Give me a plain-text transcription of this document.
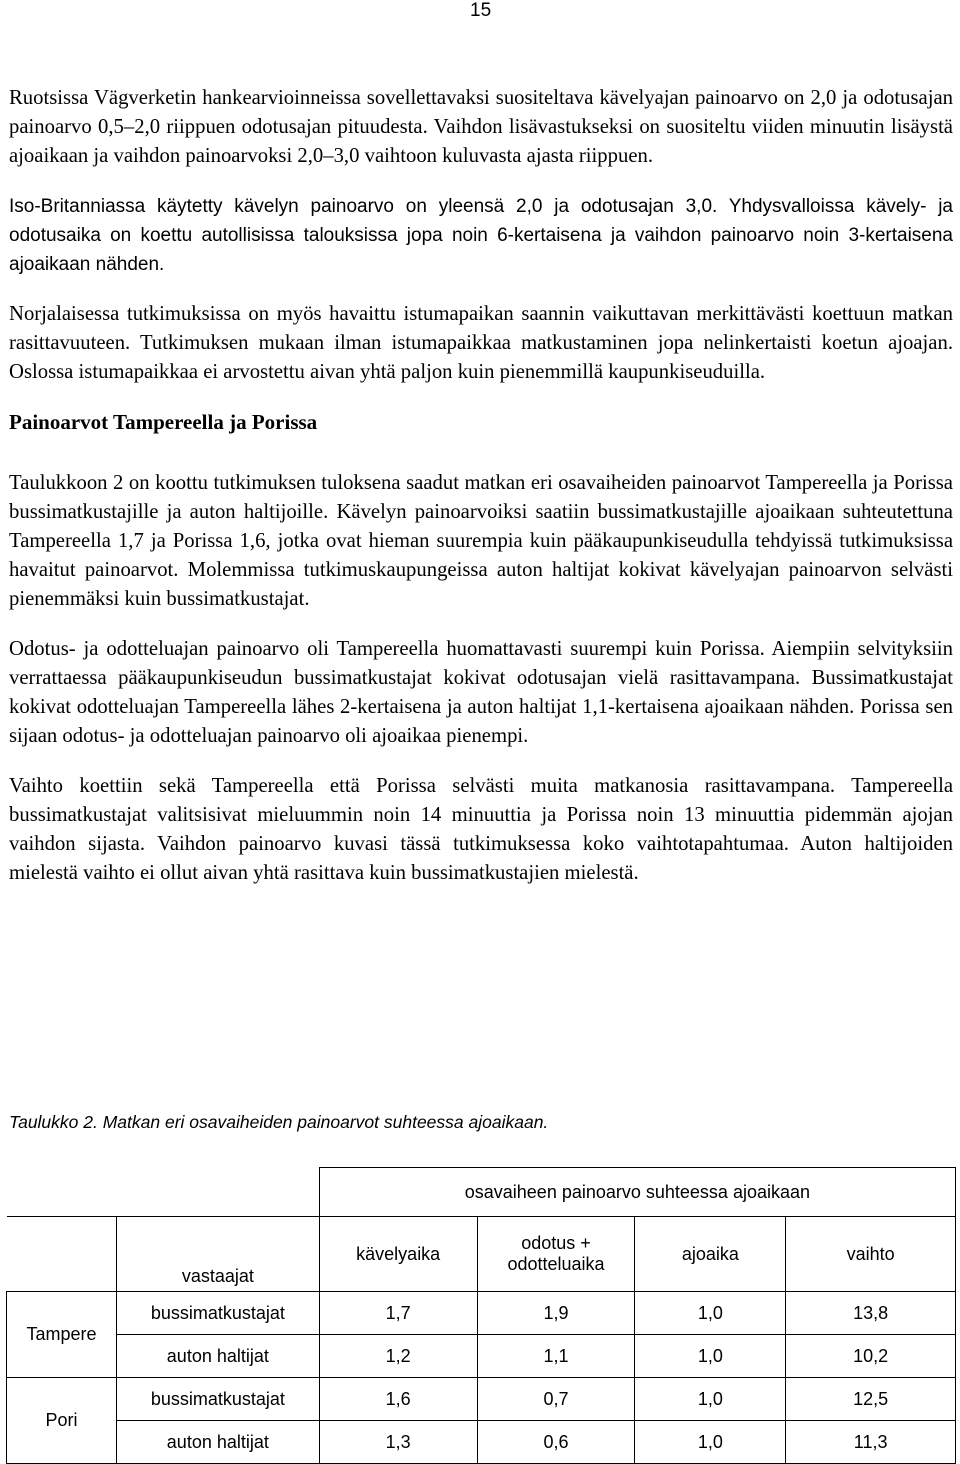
15

Ruotsissa Vägverketin hankearvioinneissa sovellettavaksi suositeltava kävelyajan painoarvo on 2,0 ja odotusajan painoarvo 0,5–2,0 riippuen odotusajan pituudesta. Vaihdon lisävastukseksi on suositeltu viiden minuutin lisäystä ajoaikaan ja vaihdon painoarvoksi 2,0–3,0 vaihtoon kuluvasta ajasta riippuen.

Iso-Britanniassa käytetty kävelyn painoarvo on yleensä 2,0 ja odotusajan 3,0. Yhdysvalloissa kävely- ja odotusaika on koettu autollisissa talouksissa jopa noin 6-kertaisena ja vaihdon painoarvo noin 3-kertaisena ajoaikaan nähden.

Norjalaisessa tutkimuksissa on myös havaittu istumapaikan saannin vaikuttavan merkittävästi koettuun matkan rasittavuuteen. Tutkimuksen mukaan ilman istumapaikkaa matkustaminen jopa nelinkertaisti koetun ajoajan. Oslossa istumapaikkaa ei arvostettu aivan yhtä paljon kuin pienemmillä kaupunkiseuduilla.

Painoarvot Tampereella ja Porissa

Taulukkoon 2 on koottu tutkimuksen tuloksena saadut matkan eri osavaiheiden painoarvot Tampereella ja Porissa bussimatkustajille ja auton haltijoille. Kävelyn painoarvoiksi saatiin bussimatkustajille ajoaikaan suhteutettuna Tampereella 1,7 ja Porissa 1,6, jotka ovat hieman suurempia kuin pääkaupunkiseudulla tehdyissä tutkimuksissa havaitut painoarvot. Molemmissa tutkimuskaupungeissa auton haltijat kokivat kävelyajan painoarvon selvästi pienemmäksi kuin bussimatkustajat.

Odotus- ja odotteluajan painoarvo oli Tampereella huomattavasti suurempi kuin Porissa. Aiempiin selvityksiin verrattaessa pääkaupunkiseudun bussimatkustajat kokivat odotusajan vielä rasittavampana. Bussimatkustajat kokivat odotteluajan Tampereella lähes 2-kertaisena ja auton haltijat 1,1-kertaisena ajoaikaan nähden. Porissa sen sijaan odotus- ja odotteluajan painoarvo oli ajoaikaa pienempi.

Vaihto koettiin sekä Tampereella että Porissa selvästi muita matkanosia rasittavampana. Tampereella bussimatkustajat valitsisivat mieluummin noin 14 minuuttia ja Porissa noin 13 minuuttia pidemmän ajojan vaihdon sijasta. Vaihdon painoarvo kuvasi tässä tutkimuksessa koko vaihtotapahtumaa. Auton haltijoiden mielestä vaihto ei ollut aivan yhtä rasittava kuin bussimatkustajien mielestä.

Taulukko 2. Matkan eri osavaiheiden painoarvot suhteessa ajoaikaan.

		osavaiheen painoarvo suhteessa ajoaikaan			
	vastaajat	kävelyaika	odotus + odotteluaika	ajoaika	vaihto
Tampere	bussimatkustajat	1,7	1,9	1,0	13,8
	auton haltijat	1,2	1,1	1,0	10,2
Pori	bussimatkustajat	1,6	0,7	1,0	12,5
	auton haltijat	1,3	0,6	1,0	11,3
